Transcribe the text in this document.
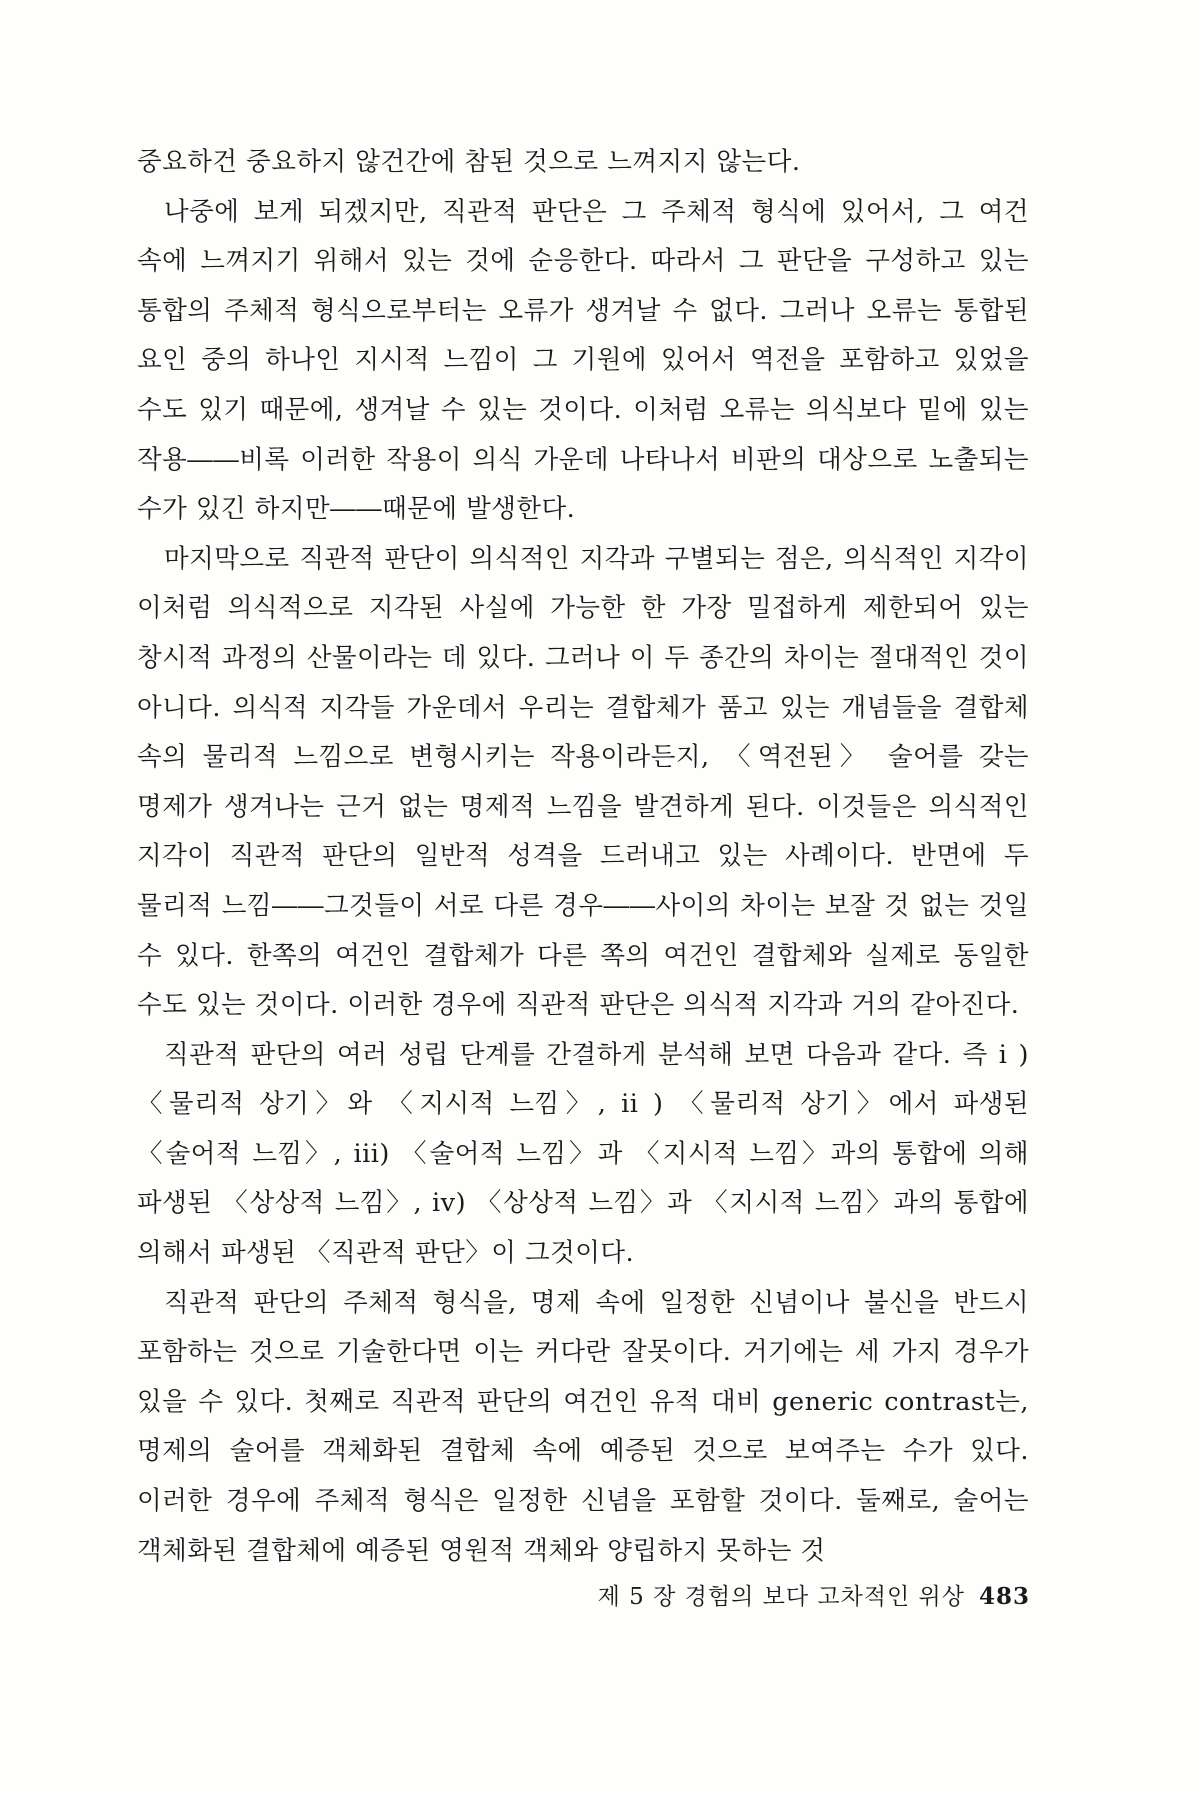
중요하건 중요하지 않건간에 참된 것으로 느껴지지 않는다.

나중에 보게 되겠지만, 직관적 판단은 그 주체적 형식에 있어서, 그 여건 속에 느껴지기 위해서 있는 것에 순응한다. 따라서 그 판단을 구성하고 있는 통합의 주체적 형식으로부터는 오류가 생겨날 수 없다. 그러나 오류는 통합된 요인 중의 하나인 지시적 느낌이 그 기원에 있어서 역전을 포함하고 있었을 수도 있기 때문에, 생겨날 수 있는 것이다. 이처럼 오류는 의식보다 밑에 있는 작용――비록 이러한 작용이 의식 가운데 나타나서 비판의 대상으로 노출되는 수가 있긴 하지만――때문에 발생한다.

마지막으로 직관적 판단이 의식적인 지각과 구별되는 점은, 의식적인 지각이 이처럼 의식적으로 지각된 사실에 가능한 한 가장 밀접하게 제한되어 있는 창시적 과정의 산물이라는 데 있다. 그러나 이 두 종간의 차이는 절대적인 것이 아니다. 의식적 지각들 가운데서 우리는 결합체가 품고 있는 개념들을 결합체 속의 물리적 느낌으로 변형시키는 작용이라든지, 〈역전된〉 술어를 갖는 명제가 생겨나는 근거 없는 명제적 느낌을 발견하게 된다. 이것들은 의식적인 지각이 직관적 판단의 일반적 성격을 드러내고 있는 사례이다. 반면에 두 물리적 느낌――그것들이 서로 다른 경우――사이의 차이는 보잘 것 없는 것일 수 있다. 한쪽의 여건인 결합체가 다른 쪽의 여건인 결합체와 실제로 동일한 수도 있는 것이다. 이러한 경우에 직관적 판단은 의식적 지각과 거의 같아진다.

직관적 판단의 여러 성립 단계를 간결하게 분석해 보면 다음과 같다. 즉 i ) 〈물리적 상기〉와 〈지시적 느낌〉, ii ) 〈물리적 상기〉에서 파생된 〈술어적 느낌〉, iii) 〈술어적 느낌〉과 〈지시적 느낌〉과의 통합에 의해 파생된 〈상상적 느낌〉, iv) 〈상상적 느낌〉과 〈지시적 느낌〉과의 통합에 의해서 파생된 〈직관적 판단〉이 그것이다.

직관적 판단의 주체적 형식을, 명제 속에 일정한 신념이나 불신을 반드시 포함하는 것으로 기술한다면 이는 커다란 잘못이다. 거기에는 세 가지 경우가 있을 수 있다. 첫째로 직관적 판단의 여건인 유적 대비 generic contrast는, 명제의 술어를 객체화된 결합체 속에 예증된 것으로 보여주는 수가 있다. 이러한 경우에 주체적 형식은 일정한 신념을 포함할 것이다. 둘째로, 술어는 객체화된 결합체에 예증된 영원적 객체와 양립하지 못하는 것

제 5 장 경험의 보다 고차적인 위상 483
